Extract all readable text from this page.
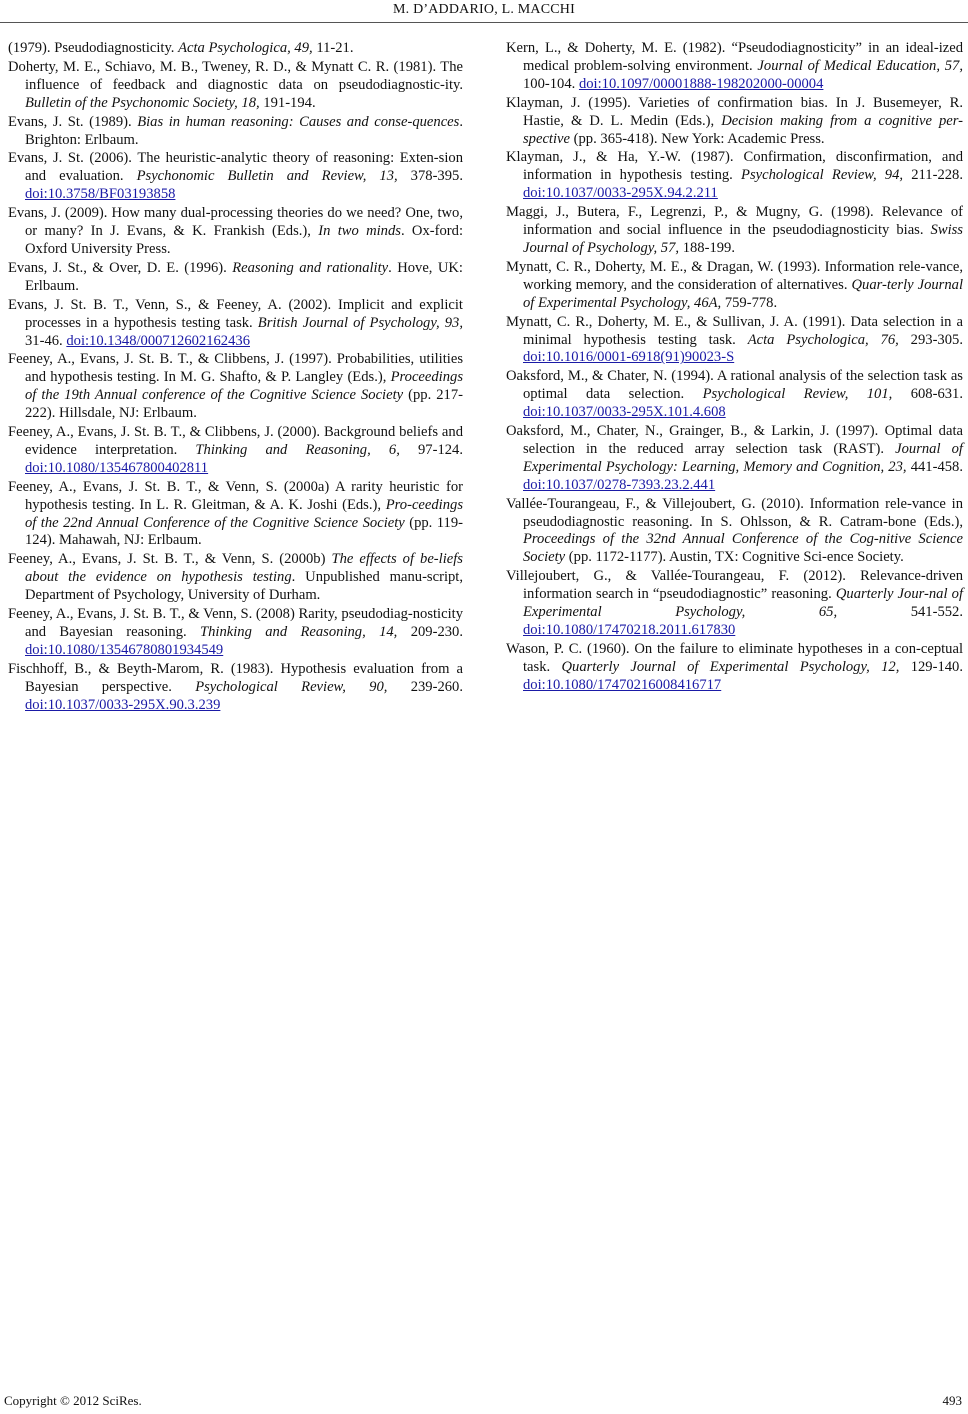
M. D’ADDARIO, L. MACCHI

(1979). Pseudodiagnosticity. Acta Psychologica, 49, 11-21.

Doherty, M. E., Schiavo, M. B., Tweney, R. D., & Mynatt C. R. (1981). The influence of feedback and diagnostic data on pseudodiagnostic-ity. Bulletin of the Psychonomic Society, 18, 191-194.

Evans, J. St. (1989). Bias in human reasoning: Causes and conse-quences. Brighton: Erlbaum.

Evans, J. St. (2006). The heuristic-analytic theory of reasoning: Exten-sion and evaluation. Psychonomic Bulletin and Review, 13, 378-395. doi:10.3758/BF03193858

Evans, J. (2009). How many dual-processing theories do we need? One, two, or many? In J. Evans, & K. Frankish (Eds.), In two minds. Ox-ford: Oxford University Press.

Evans, J. St., & Over, D. E. (1996). Reasoning and rationality. Hove, UK: Erlbaum.

Evans, J. St. B. T., Venn, S., & Feeney, A. (2002). Implicit and explicit processes in a hypothesis testing task. British Journal of Psychology, 93, 31-46. doi:10.1348/000712602162436

Feeney, A., Evans, J. St. B. T., & Clibbens, J. (1997). Probabilities, utilities and hypothesis testing. In M. G. Shafto, & P. Langley (Eds.), Proceedings of the 19th Annual conference of the Cognitive Science Society (pp. 217-222). Hillsdale, NJ: Erlbaum.

Feeney, A., Evans, J. St. B. T., & Clibbens, J. (2000). Background beliefs and evidence interpretation. Thinking and Reasoning, 6, 97-124. doi:10.1080/135467800402811

Feeney, A., Evans, J. St. B. T., & Venn, S. (2000a) A rarity heuristic for hypothesis testing. In L. R. Gleitman, & A. K. Joshi (Eds.), Pro-ceedings of the 22nd Annual Conference of the Cognitive Science Society (pp. 119-124). Mahawah, NJ: Erlbaum.

Feeney, A., Evans, J. St. B. T., & Venn, S. (2000b) The effects of be-liefs about the evidence on hypothesis testing. Unpublished manu-script, Department of Psychology, University of Durham.

Feeney, A., Evans, J. St. B. T., & Venn, S. (2008) Rarity, pseudodiag-nosticity and Bayesian reasoning. Thinking and Reasoning, 14, 209-230. doi:10.1080/13546780801934549

Fischhoff, B., & Beyth-Marom, R. (1983). Hypothesis evaluation from a Bayesian perspective. Psychological Review, 90, 239-260. doi:10.1037/0033-295X.90.3.239

Kern, L., & Doherty, M. E. (1982). “Pseudodiagnosticity” in an ideal-ized medical problem-solving environment. Journal of Medical Education, 57, 100-104. doi:10.1097/00001888-198202000-00004

Klayman, J. (1995). Varieties of confirmation bias. In J. Busemeyer, R. Hastie, & D. L. Medin (Eds.), Decision making from a cognitive per-spective (pp. 365-418). New York: Academic Press.

Klayman, J., & Ha, Y.-W. (1987). Confirmation, disconfirmation, and information in hypothesis testing. Psychological Review, 94, 211-228. doi:10.1037/0033-295X.94.2.211

Maggi, J., Butera, F., Legrenzi, P., & Mugny, G. (1998). Relevance of information and social influence in the pseudodiagnosticity bias. Swiss Journal of Psychology, 57, 188-199.

Mynatt, C. R., Doherty, M. E., & Dragan, W. (1993). Information rele-vance, working memory, and the consideration of alternatives. Quar-terly Journal of Experimental Psychology, 46A, 759-778.

Mynatt, C. R., Doherty, M. E., & Sullivan, J. A. (1991). Data selection in a minimal hypothesis testing task. Acta Psychologica, 76, 293-305. doi:10.1016/0001-6918(91)90023-S

Oaksford, M., & Chater, N. (1994). A rational analysis of the selection task as optimal data selection. Psychological Review, 101, 608-631. doi:10.1037/0033-295X.101.4.608

Oaksford, M., Chater, N., Grainger, B., & Larkin, J. (1997). Optimal data selection in the reduced array selection task (RAST). Journal of Experimental Psychology: Learning, Memory and Cognition, 23, 441-458. doi:10.1037/0278-7393.23.2.441

Vallée-Tourangeau, F., & Villejoubert, G. (2010). Information rele-vance in pseudodiagnostic reasoning. In S. Ohlsson, & R. Catram-bone (Eds.), Proceedings of the 32nd Annual Conference of the Cog-nitive Science Society (pp. 1172-1177). Austin, TX: Cognitive Sci-ence Society.

Villejoubert, G., & Vallée-Tourangeau, F. (2012). Relevance-driven information search in “pseudodiagnostic” reasoning. Quarterly Jour-nal of Experimental Psychology, 65, 541-552. doi:10.1080/17470218.2011.617830

Wason, P. C. (1960). On the failure to eliminate hypotheses in a con-ceptual task. Quarterly Journal of Experimental Psychology, 12, 129-140. doi:10.1080/17470216008416717

Copyright © 2012 SciRes.	493
